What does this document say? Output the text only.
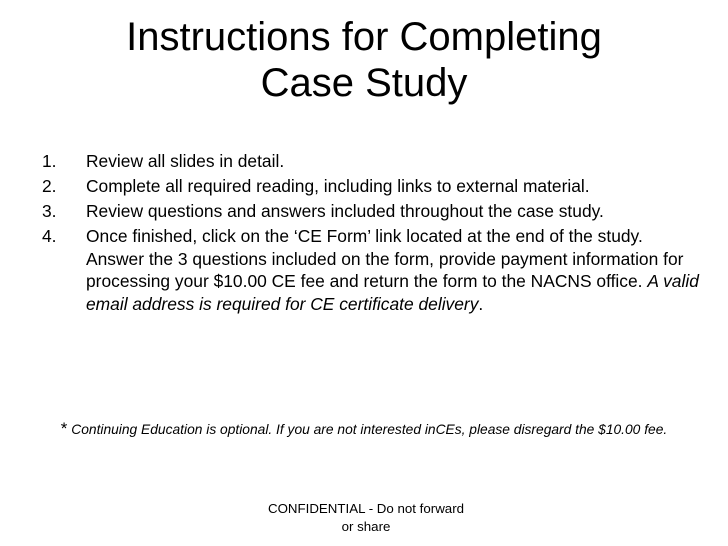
Instructions for Completing
Case Study
1. Review all slides in detail.
2. Complete all required reading, including links to external material.
3. Review questions and answers included throughout the case study.
4. Once finished, click on the ‘CE Form’ link located at the end of the study. Answer the 3 questions included on the form, provide payment information for processing your $10.00 CE fee and return the form to the NACNS office. A valid email address is required for CE certificate delivery.
* Continuing Education is optional. If you are not interested inCEs, please disregard the $10.00 fee.
CONFIDENTIAL - Do not forward
or share
